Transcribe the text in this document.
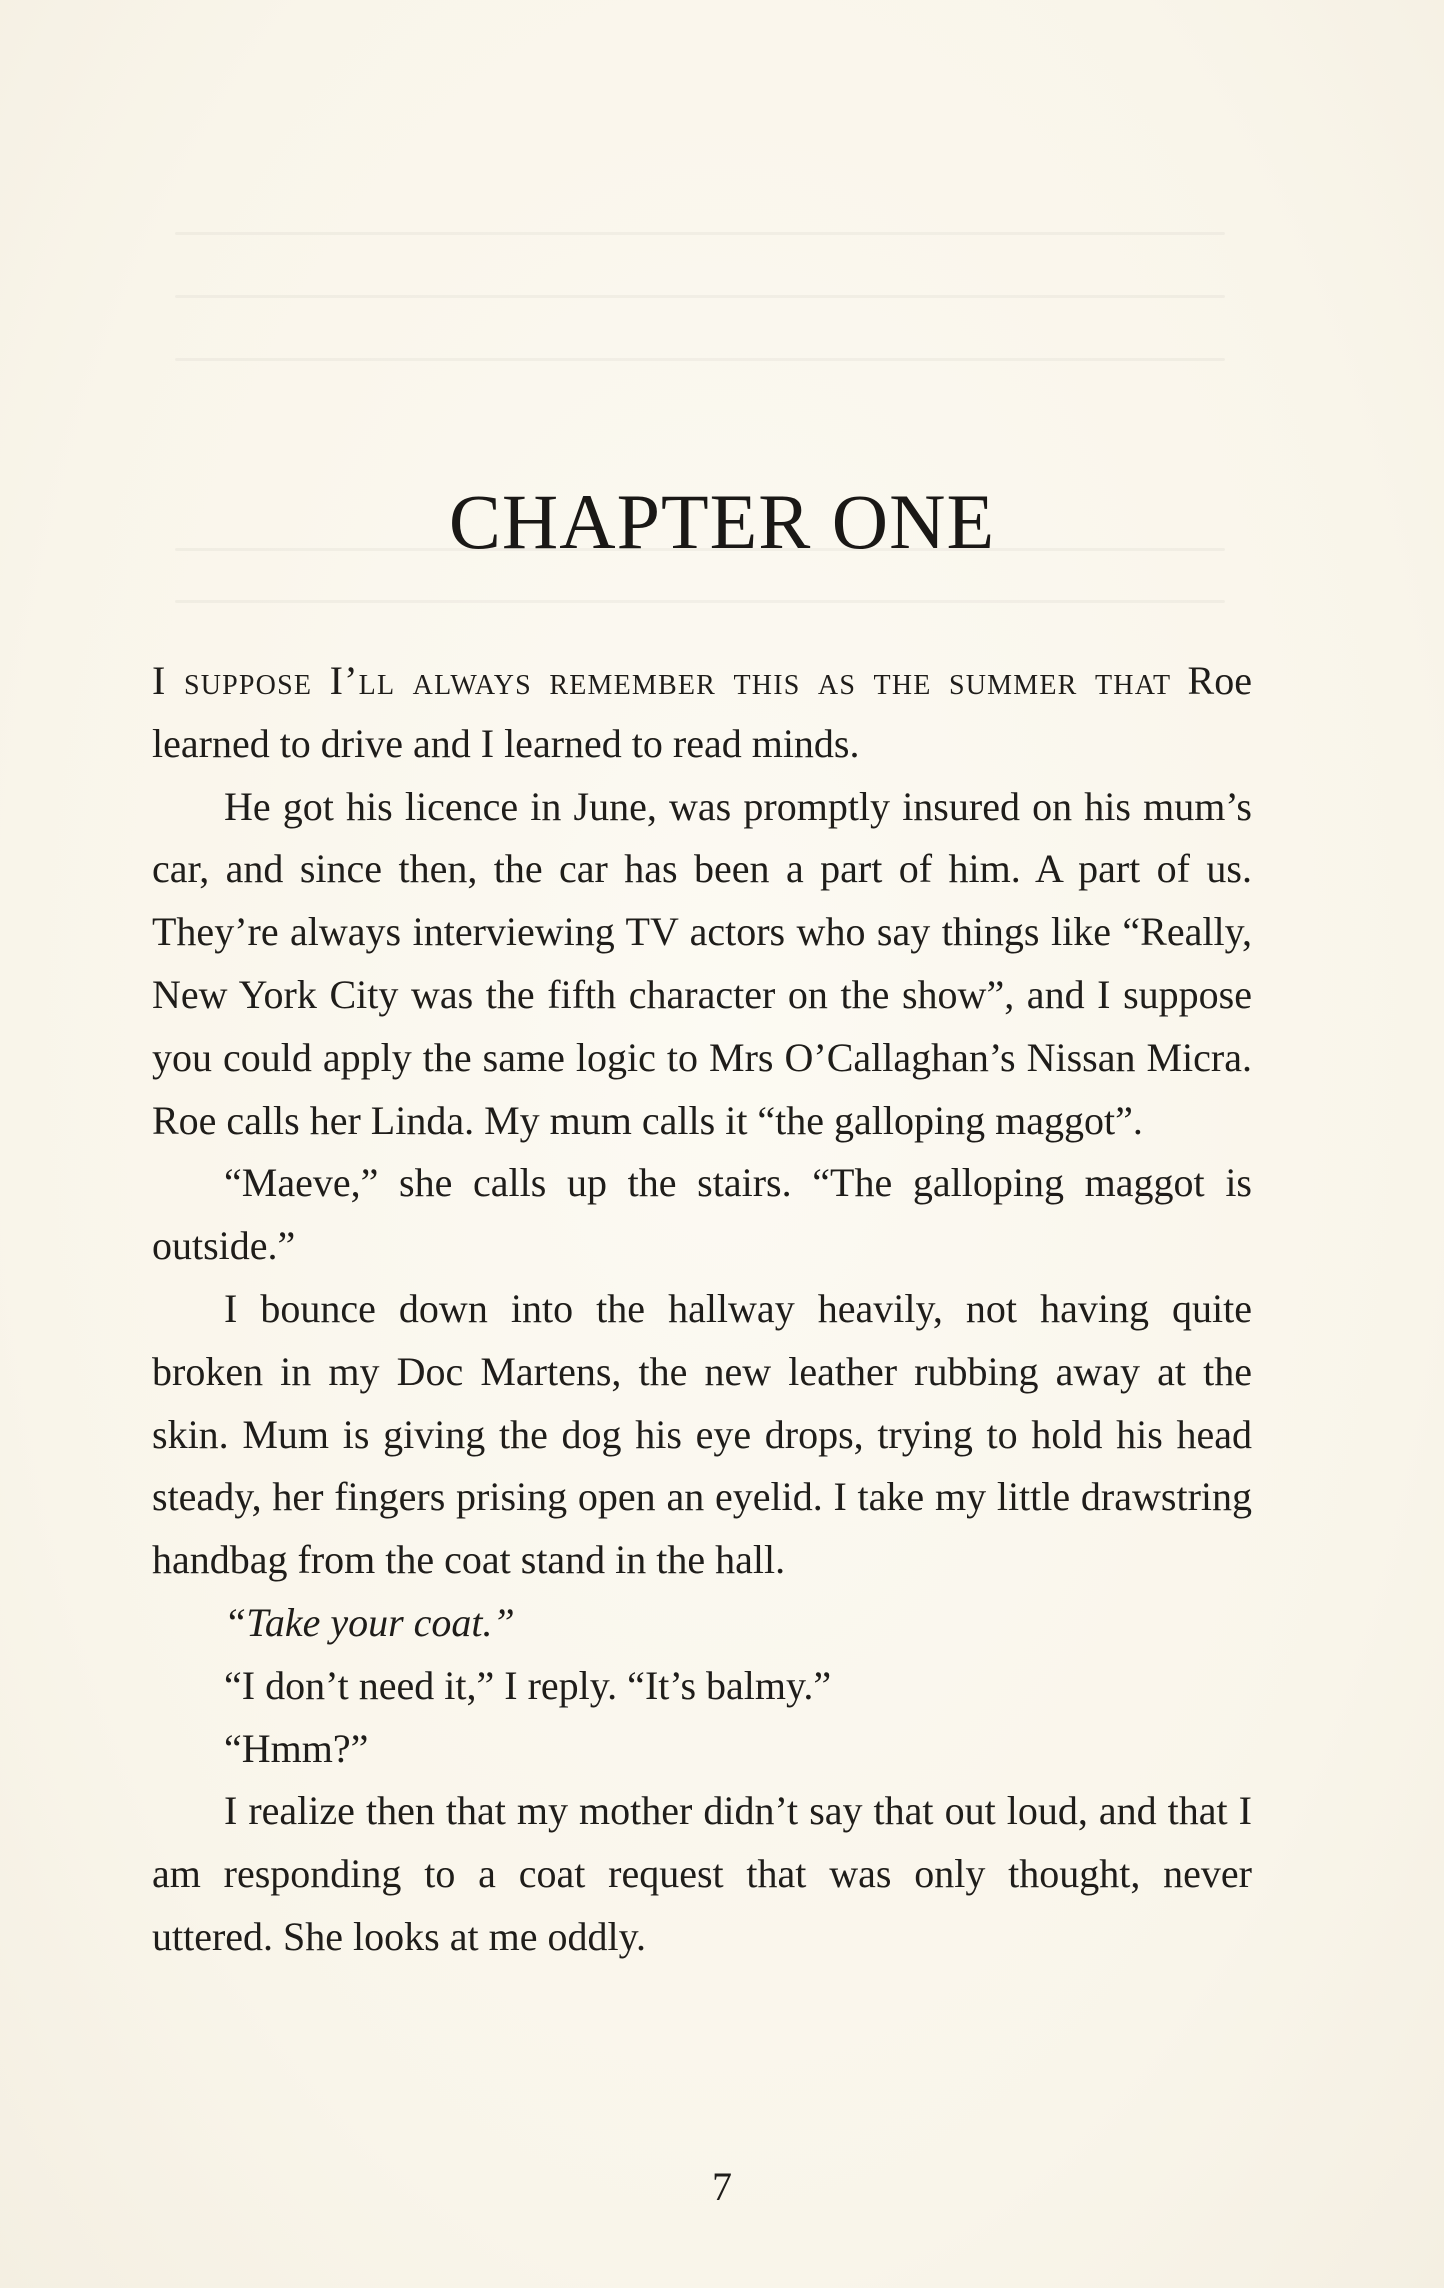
CHAPTER ONE

I suppose I’ll always remember this as the summer that Roe learned to drive and I learned to read minds.

He got his licence in June, was promptly insured on his mum’s car, and since then, the car has been a part of him. A part of us. They’re always interviewing TV actors who say things like “Really, New York City was the fifth character on the show”, and I suppose you could apply the same logic to Mrs O’Callaghan’s Nissan Micra. Roe calls her Linda. My mum calls it “the galloping maggot”.

“Maeve,” she calls up the stairs. “The galloping maggot is outside.”

I bounce down into the hallway heavily, not having quite broken in my Doc Martens, the new leather rubbing away at the skin. Mum is giving the dog his eye drops, trying to hold his head steady, her fingers prising open an eyelid. I take my little drawstring handbag from the coat stand in the hall.

“Take your coat.”

“I don’t need it,” I reply. “It’s balmy.”

“Hmm?”

I realize then that my mother didn’t say that out loud, and that I am responding to a coat request that was only thought, never uttered. She looks at me oddly.

7
